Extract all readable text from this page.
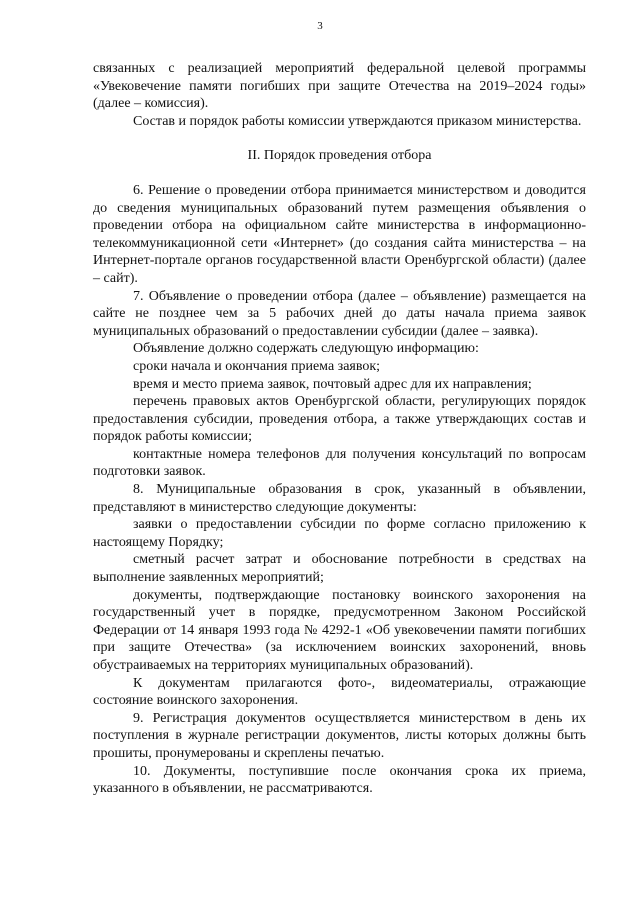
3

связанных с реализацией мероприятий федеральной целевой программы «Увековечение памяти погибших при защите Отечества на 2019–2024 годы» (далее – комиссия).

Состав и порядок работы комиссии утверждаются приказом министерства.

II. Порядок проведения отбора

6. Решение о проведении отбора принимается министерством и доводится до сведения муниципальных образований путем размещения объявления о проведении отбора на официальном сайте министерства в информационно-телекоммуникационной сети «Интернет» (до создания сайта министерства – на Интернет-портале органов государственной власти Оренбургской области) (далее – сайт).

7. Объявление о проведении отбора (далее – объявление) размещается на сайте не позднее чем за 5 рабочих дней до даты начала приема заявок муниципальных образований о предоставлении субсидии (далее – заявка).

Объявление должно содержать следующую информацию:

сроки начала и окончания приема заявок;

время и место приема заявок, почтовый адрес для их направления;

перечень правовых актов Оренбургской области, регулирующих порядок предоставления субсидии, проведения отбора, а также утверждающих состав и порядок работы комиссии;

контактные номера телефонов для получения консультаций по вопросам подготовки заявок.

8. Муниципальные образования в срок, указанный в объявлении, представляют в министерство следующие документы:

заявки о предоставлении субсидии по форме согласно приложению к настоящему Порядку;

сметный расчет затрат и обоснование потребности в средствах на выполнение заявленных мероприятий;

документы, подтверждающие постановку воинского захоронения на государственный учет в порядке, предусмотренном Законом Российской Федерации от 14 января 1993 года № 4292-1 «Об увековечении памяти погибших при защите Отечества» (за исключением воинских захоронений, вновь обустраиваемых на территориях муниципальных образований).

К документам прилагаются фото-, видеоматериалы, отражающие состояние воинского захоронения.

9. Регистрация документов осуществляется министерством в день их поступления в журнале регистрации документов, листы которых должны быть прошиты, пронумерованы и скреплены печатью.

10. Документы, поступившие после окончания срока их приема, указанного в объявлении, не рассматриваются.
